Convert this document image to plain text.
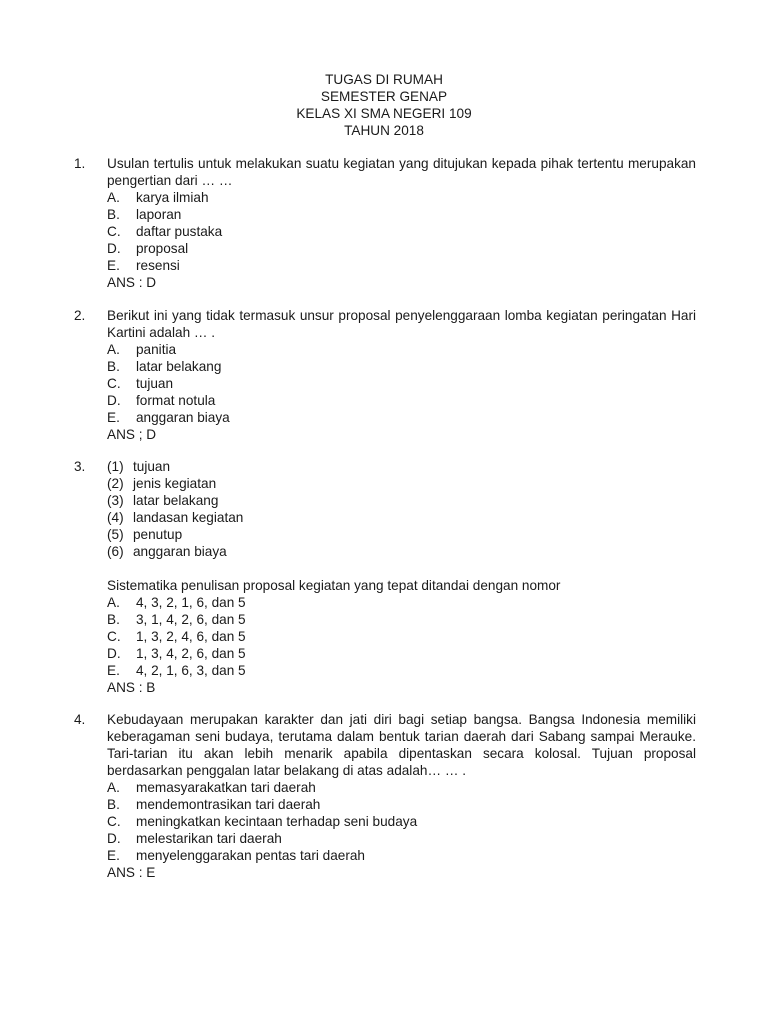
TUGAS DI RUMAH
SEMESTER GENAP
KELAS XI SMA NEGERI 109
TAHUN 2018
1.	Usulan tertulis untuk melakukan suatu kegiatan yang ditujukan kepada pihak tertentu merupakan pengertian dari … …
A.	karya ilmiah
B.	laporan
C.	daftar pustaka
D.	proposal
E.	resensi
ANS : D
2.	Berikut ini yang tidak termasuk unsur proposal penyelenggaraan lomba kegiatan peringatan Hari Kartini adalah … .
A.	panitia
B.	latar belakang
C.	tujuan
D.	format notula
E.	anggaran biaya
ANS ; D
3.	(1) tujuan
(2) jenis kegiatan
(3) latar belakang
(4) landasan kegiatan
(5) penutup
(6) anggaran biaya
Sistematika penulisan proposal kegiatan yang tepat ditandai dengan nomor
A.	4, 3, 2, 1, 6, dan 5
B.	3, 1, 4, 2, 6, dan 5
C.	1, 3, 2, 4, 6, dan 5
D.	1, 3, 4, 2, 6, dan 5
E.	4, 2, 1, 6, 3, dan 5
ANS : B
4.	Kebudayaan merupakan karakter dan jati diri bagi setiap bangsa. Bangsa Indonesia memiliki keberagaman seni budaya, terutama dalam bentuk tarian daerah dari Sabang sampai Merauke. Tari-tarian itu akan lebih menarik apabila dipentaskan secara kolosal. Tujuan proposal berdasarkan penggalan latar belakang di atas adalah… … .
A.	memasyarakatkan tari daerah
B.	mendemontrasikan tari daerah
C.	meningkatkan kecintaan terhadap seni budaya
D.	melestarikan tari daerah
E.	menyelenggarakan pentas tari daerah
ANS : E
